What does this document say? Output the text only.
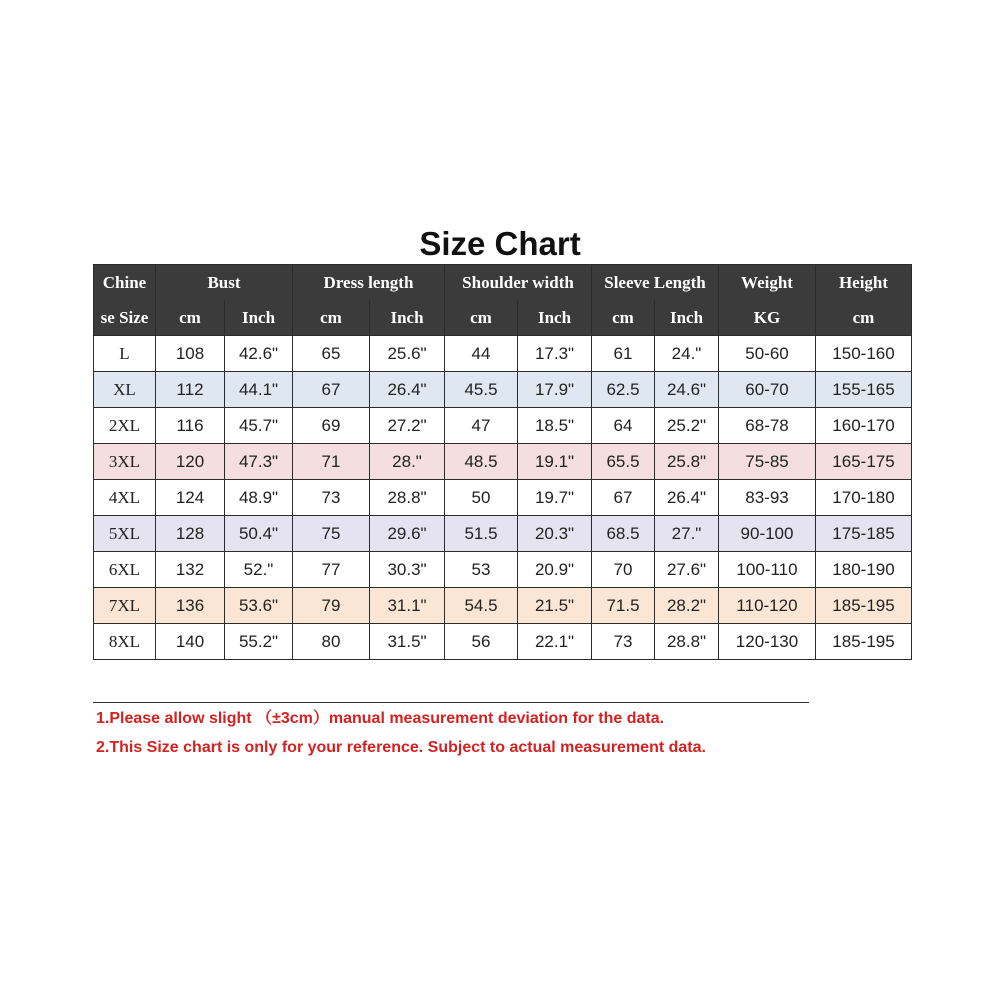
Size Chart
Chine	Bust		Dress length		Shoulder width		Sleeve Length		Weight	Height
se Size	cm	Inch	cm	Inch	cm	Inch	cm	Inch	KG	cm
L	108	42.6"	65	25.6"	44	17.3"	61	24."	50-60	150-160
XL	112	44.1"	67	26.4"	45.5	17.9"	62.5	24.6"	60-70	155-165
2XL	116	45.7"	69	27.2"	47	18.5"	64	25.2"	68-78	160-170
3XL	120	47.3"	71	28."	48.5	19.1"	65.5	25.8"	75-85	165-175
4XL	124	48.9"	73	28.8"	50	19.7"	67	26.4"	83-93	170-180
5XL	128	50.4"	75	29.6"	51.5	20.3"	68.5	27."	90-100	175-185
6XL	132	52."	77	30.3"	53	20.9"	70	27.6"	100-110	180-190
7XL	136	53.6"	79	31.1"	54.5	21.5"	71.5	28.2"	110-120	185-195
8XL	140	55.2"	80	31.5"	56	22.1"	73	28.8"	120-130	185-195
1.Please allow slight （±3cm）manual measurement deviation for the data.
2.This Size chart is only for your reference. Subject to actual measurement data.
